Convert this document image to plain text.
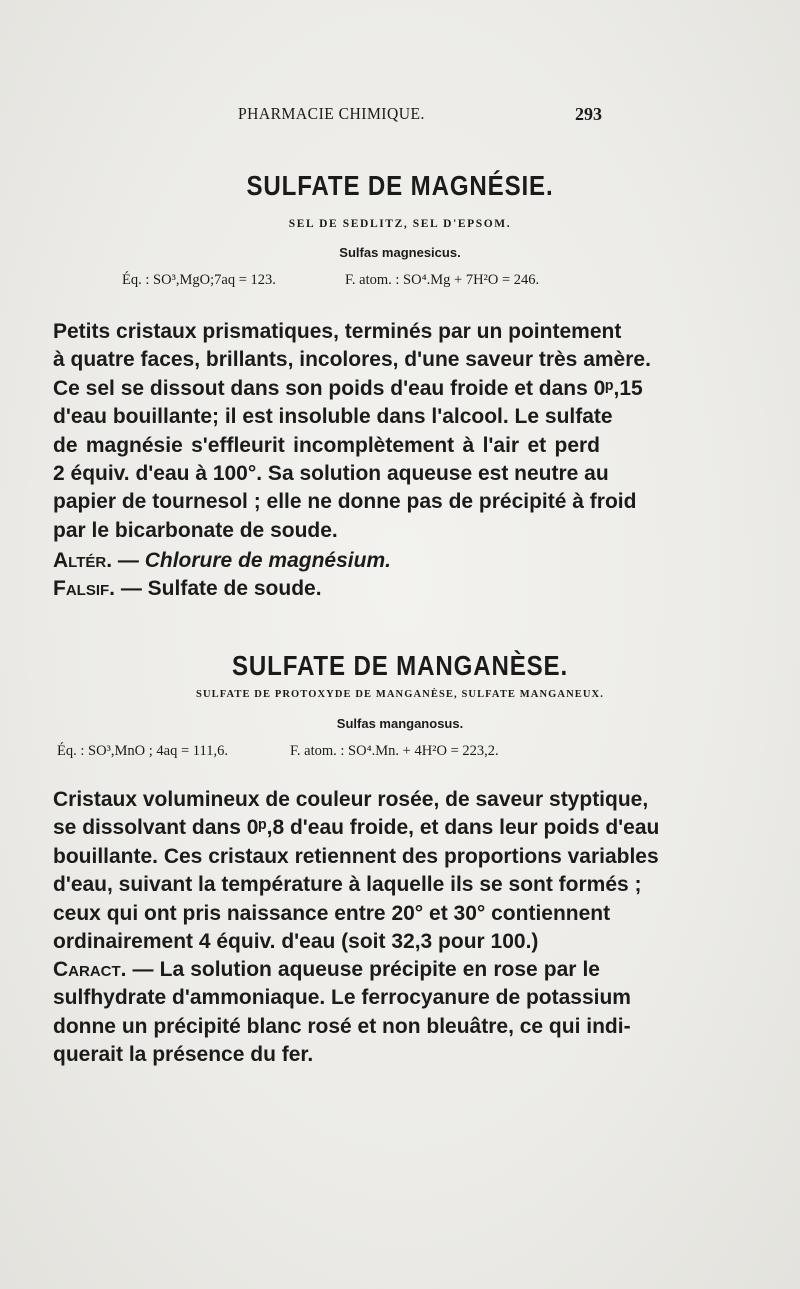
PHARMACIE CHIMIQUE.	293
SULFATE DE MAGNÉSIE.
SEL DE SEDLITZ, SEL D'EPSOM.
Sulfas magnesicus.
Éq. : SO³,MgO;7aq = 123.	F. atom. : SO⁴.Mg + 7H²O = 246.
Petits cristaux prismatiques, terminés par un pointement
à quatre faces, brillants, incolores, d'une saveur très amère.
Ce sel se dissout dans son poids d'eau froide et dans 0ᵖ,15
d'eau bouillante; il est insoluble dans l'alcool. Le sulfate
de magnésie s'effleurit incomplètement à l'air et perd
2 équiv. d'eau à 100°. Sa solution aqueuse est neutre au
papier de tournesol ; elle ne donne pas de précipité à froid
par le bicarbonate de soude.
Altér. — Chlorure de magnésium.
Falsif. — Sulfate de soude.
SULFATE DE MANGANÈSE.
SULFATE DE PROTOXYDE DE MANGANÈSE, SULFATE MANGANEUX.
Sulfas manganosus.
Éq. : SO³,MnO ; 4aq = 111,6.	F. atom. : SO⁴.Mn. + 4H²O = 223,2.
Cristaux volumineux de couleur rosée, de saveur styptique,
se dissolvant dans 0ᵖ,8 d'eau froide, et dans leur poids d'eau
bouillante. Ces cristaux retiennent des proportions variables
d'eau, suivant la température à laquelle ils se sont formés ;
ceux qui ont pris naissance entre 20° et 30° contiennent
ordinairement 4 équiv. d'eau (soit 32,3 pour 100.)
Caract. — La solution aqueuse précipite en rose par le
sulfhydrate d'ammoniaque. Le ferrocyanure de potassium
donne un précipité blanc rosé et non bleuâtre, ce qui indi-
querait la présence du fer.
